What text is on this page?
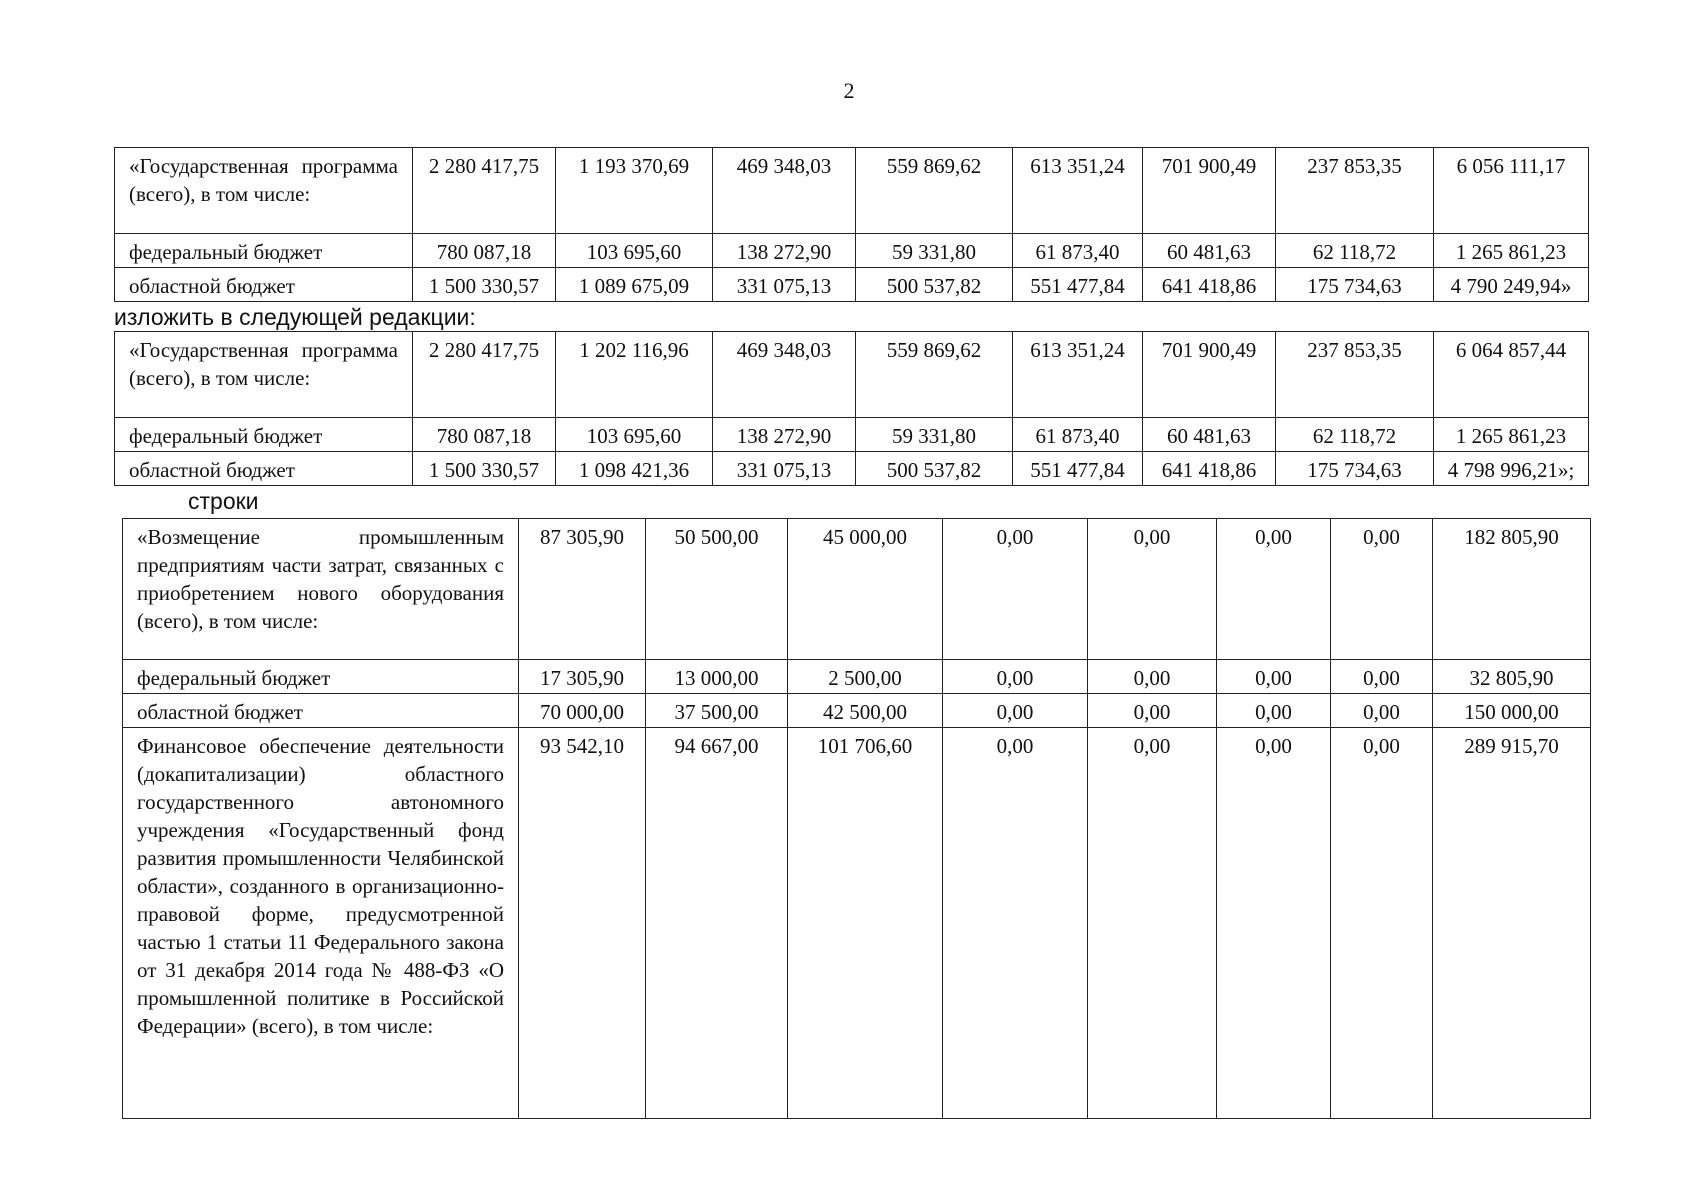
2
«Государственная программа (всего), в том числе:	2 280 417,75	1 193 370,69	469 348,03	559 869,62	613 351,24	701 900,49	237 853,35	6 056 111,17
федеральный бюджет	780 087,18	103 695,60	138 272,90	59 331,80	61 873,40	60 481,63	62 118,72	1 265 861,23
областной бюджет	1 500 330,57	1 089 675,09	331 075,13	500 537,82	551 477,84	641 418,86	175 734,63	4 790 249,94»
изложить в следующей редакции:
«Государственная программа (всего), в том числе:	2 280 417,75	1 202 116,96	469 348,03	559 869,62	613 351,24	701 900,49	237 853,35	6 064 857,44
федеральный бюджет	780 087,18	103 695,60	138 272,90	59 331,80	61 873,40	60 481,63	62 118,72	1 265 861,23
областной бюджет	1 500 330,57	1 098 421,36	331 075,13	500 537,82	551 477,84	641 418,86	175 734,63	4 798 996,21»;
строки
«Возмещение промышленным предприятиям части затрат, связанных с приобретением нового оборудования (всего), в том числе:	87 305,90	50 500,00	45 000,00	0,00	0,00	0,00	0,00	182 805,90
федеральный бюджет	17 305,90	13 000,00	2 500,00	0,00	0,00	0,00	0,00	32 805,90
областной бюджет	70 000,00	37 500,00	42 500,00	0,00	0,00	0,00	0,00	150 000,00
Финансовое обеспечение деятельности (докапитализации) областного государственного автономного учреждения «Государственный фонд развития промышленности Челябинской области», созданного в организационно-правовой форме, предусмотренной частью 1 статьи 11 Федерального закона от 31 декабря 2014 года № 488-ФЗ «О промышленной политике в Российской Федерации» (всего), в том числе:	93 542,10	94 667,00	101 706,60	0,00	0,00	0,00	0,00	289 915,70
